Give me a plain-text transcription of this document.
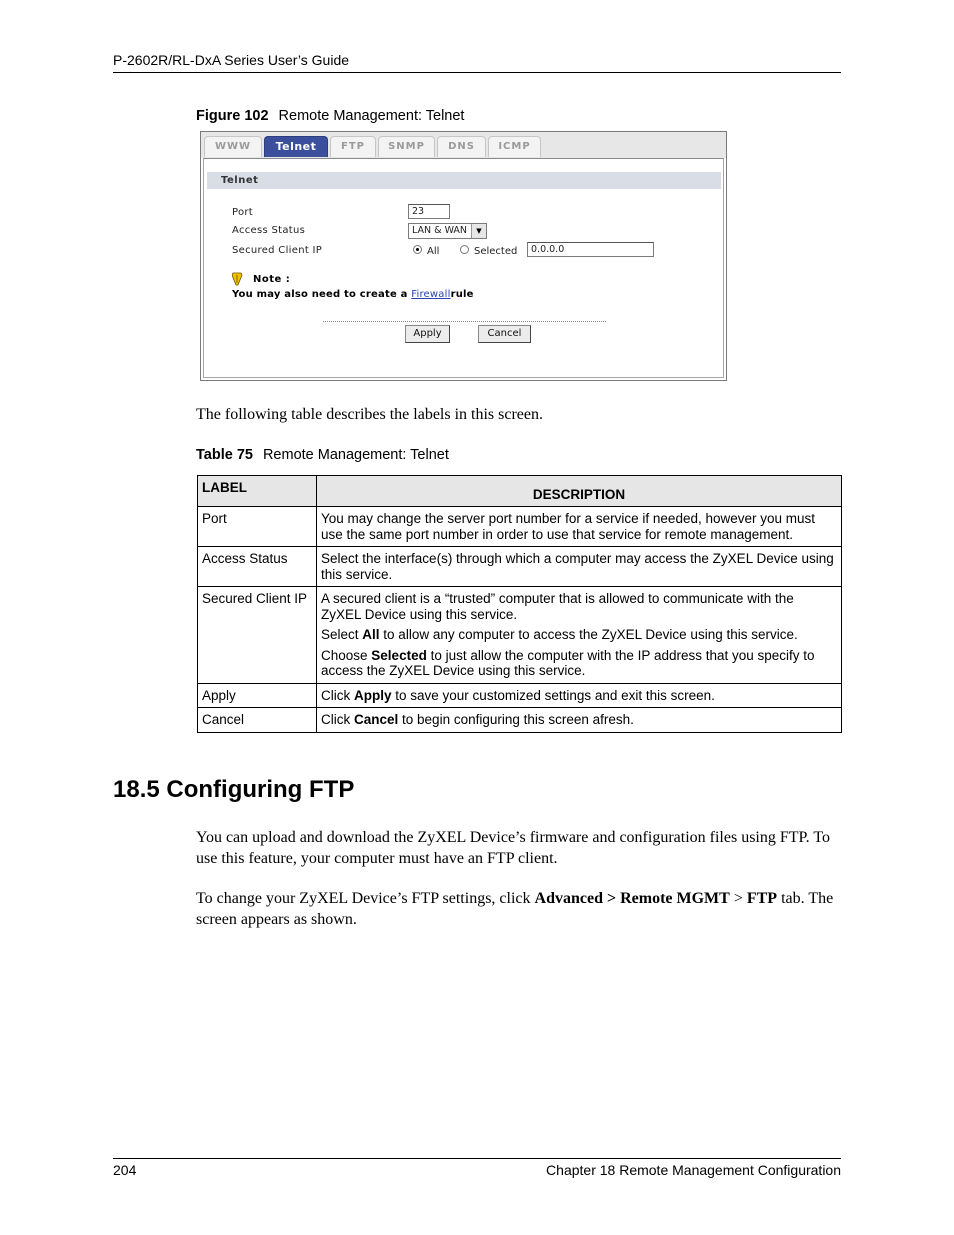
P-2602R/RL-DxA Series User’s Guide
Figure 102 Remote Management: Telnet
WWW	Telnet	FTP	SNMP	DNS	ICMP
Telnet
Port	23
Access Status	LAN & WAN	▼
Secured Client IP	All	Selected	0.0.0.0
Note :
You may also need to create a Firewallrule
Apply	Cancel
The following table describes the labels in this screen.
Table 75 Remote Management: Telnet
LABEL	DESCRIPTION
Port	You may change the server port number for a service if needed, however you must use the same port number in order to use that service for remote management.
Access Status	Select the interface(s) through which a computer may access the ZyXEL Device using this service.
Secured Client IP	A secured client is a “trusted” computer that is allowed to communicate with the ZyXEL Device using this service.

Select All to allow any computer to access the ZyXEL Device using this service.

Choose Selected to just allow the computer with the IP address that you specify to access the ZyXEL Device using this service.

Apply	Click Apply to save your customized settings and exit this screen.
Cancel	Click Cancel to begin configuring this screen afresh.
18.5 Configuring FTP
You can upload and download the ZyXEL Device’s firmware and configuration files using FTP. To use this feature, your computer must have an FTP client.
To change your ZyXEL Device’s FTP settings, click Advanced > Remote MGMT > FTP tab. The screen appears as shown.
204	Chapter 18 Remote Management Configuration
